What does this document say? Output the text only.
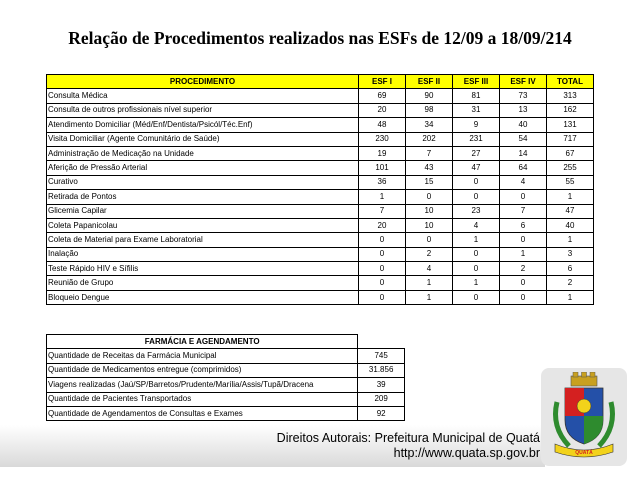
Relação de Procedimentos realizados nas ESFs de 12/09 a 18/09/214
PROCEDIMENTO	ESF I	ESF II	ESF III	ESF IV	TOTAL
Consulta Médica	69	90	81	73	313
Consulta de outros profissionais nível superior	20	98	31	13	162
Atendimento Domiciliar (Méd/Enf/Dentista/Psicól/Téc.Enf)	48	34	9	40	131
Visita Domiciliar (Agente Comunitário de Saúde)	230	202	231	54	717
Administração de Medicação na Unidade	19	7	27	14	67
Aferição de Pressão Arterial	101	43	47	64	255
Curativo	36	15	0	4	55
Retirada de Pontos	1	0	0	0	1
Glicemia Capilar	7	10	23	7	47
Coleta Papanicolau	20	10	4	6	40
Coleta de Material para Exame Laboratorial	0	0	1	0	1
Inalação	0	2	0	1	3
Teste Rápido HIV e Sífilis	0	4	0	2	6
Reunião de Grupo	0	1	1	0	2
Bloqueio Dengue	0	1	0	0	1
FARMÁCIA E AGENDAMENTO	
Quantidade de Receitas da Farmácia Municipal	745
Quantidade de Medicamentos entregue (comprimidos)	31.856
Viagens realizadas (Jaú/SP/Barretos/Prudente/Marília/Assis/Tupã/Dracena	39
Quantidade de Pacientes Transportados	209
Quantidade de Agendamentos de Consultas e Exames	92
Direitos Autorais: Prefeitura Municipal de Quatá
http://www.quata.sp.gov.br	QUATÁ
